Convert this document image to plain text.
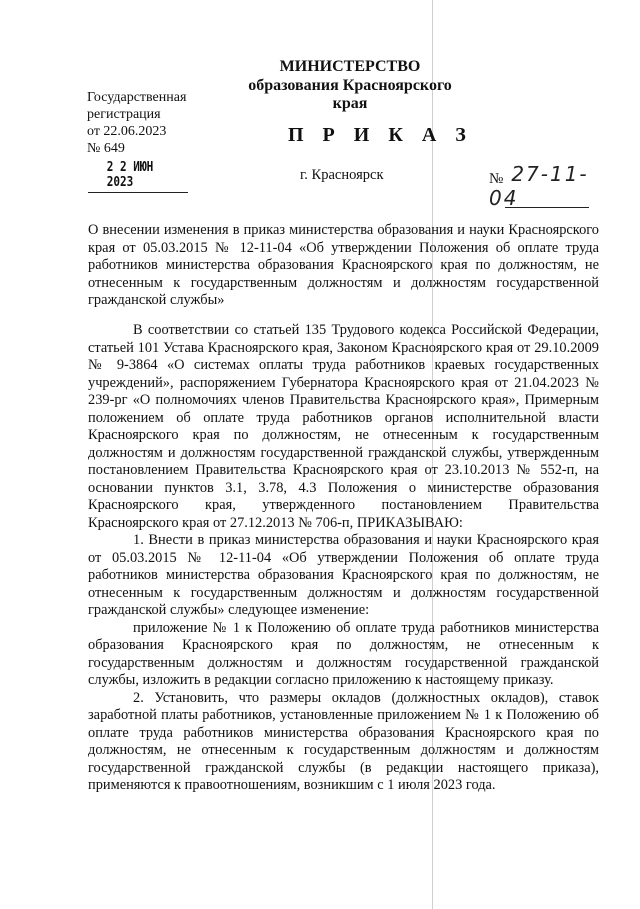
МИНИСТЕРСТВО
образования Красноярского края
Государственная
регистрация
от 22.06.2023
№ 649
П Р И К А З
2 2 ИЮН 2023	г. Красноярск	№ 27-11-04

О внесении изменения в приказ министерства образования и науки Красноярского края от 05.03.2015 № 12-11-04 «Об утверждении Положения об оплате труда работников министерства образования Красноярского края по должностям, не отнесенным к государственным должностям и должностям государственной гражданской службы»

В соответствии со статьей 135 Трудового кодекса Российской Федерации, статьей 101 Устава Красноярского края, Законом Красноярского края от 29.10.2009 № 9-3864 «О системах оплаты труда работников краевых государственных учреждений», распоряжением Губернатора Красноярского края от 21.04.2023 № 239-рг «О полномочиях членов Правительства Красноярского края», Примерным положением об оплате труда работников органов исполнительной власти Красноярского края по должностям, не отнесенным к государственным должностям и должностям государственной гражданской службы, утвержденным постановлением Правительства Красноярского края от 23.10.2013 № 552-п, на основании пунктов 3.1, 3.78, 4.3 Положения о министерстве образования Красноярского края, утвержденного постановлением Правительства Красноярского края от 27.12.2013 № 706-п, ПРИКАЗЫВАЮ:

1. Внести в приказ министерства образования и науки Красноярского края от 05.03.2015 № 12-11-04 «Об утверждении Положения об оплате труда работников министерства образования Красноярского края по должностям, не отнесенным к государственным должностям и должностям государственной гражданской службы» следующее изменение:

приложение № 1 к Положению об оплате труда работников министерства образования Красноярского края по должностям, не отнесенным к государственным должностям и должностям государственной гражданской службы, изложить в редакции согласно приложению к настоящему приказу.

2. Установить, что размеры окладов (должностных окладов), ставок заработной платы работников, установленные приложением № 1 к Положению об оплате труда работников министерства образования Красноярского края по должностям, не отнесенным к государственным должностям и должностям государственной гражданской службы (в редакции настоящего приказа), применяются к правоотношениям, возникшим с 1 июля 2023 года.
